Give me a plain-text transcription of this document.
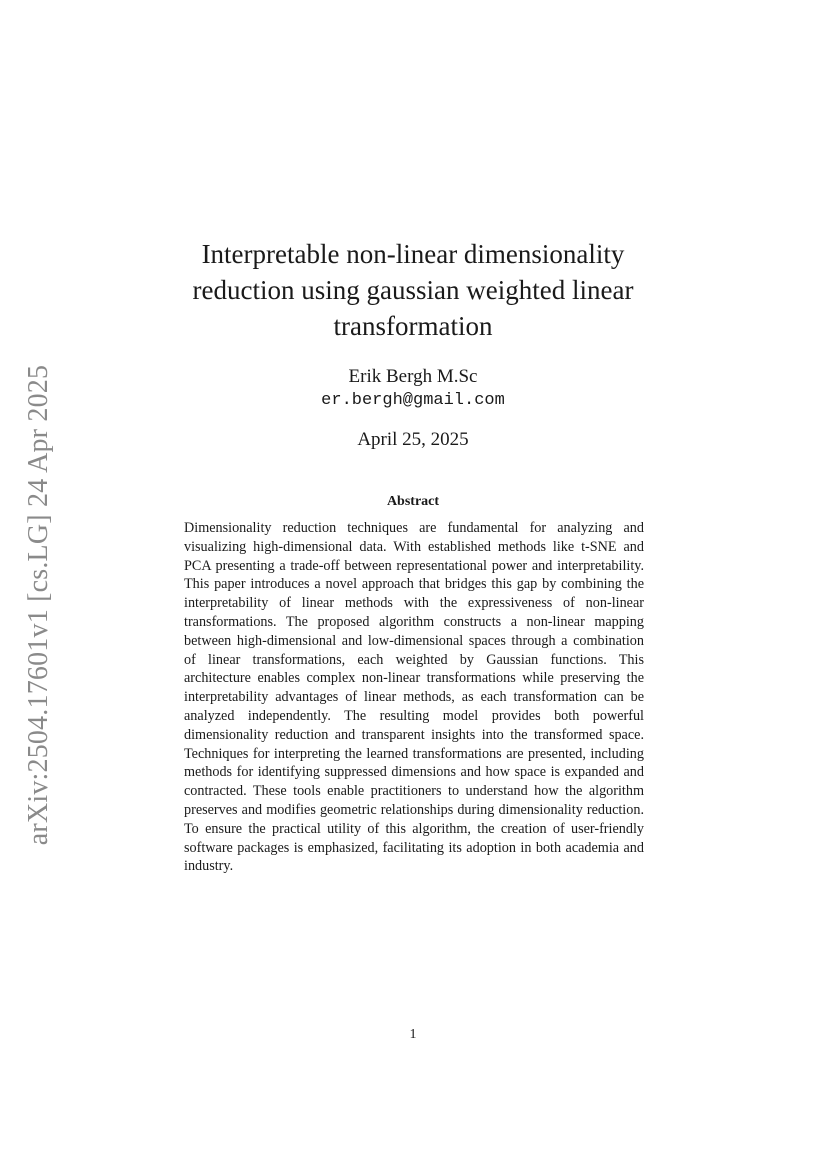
arXiv:2504.17601v1 [cs.LG] 24 Apr 2025
Interpretable non-linear dimensionality
reduction using gaussian weighted linear
transformation
Erik Bergh M.Sc
er.bergh@gmail.com
April 25, 2025
Abstract

Dimensionality reduction techniques are fundamental for analyzing and visualizing high-dimensional data. With established methods like t-SNE and PCA presenting a trade-off between representational power and interpretability. This paper introduces a novel approach that bridges this gap by combining the interpretability of linear methods with the expressiveness of non-linear transformations. The proposed algorithm constructs a non-linear mapping between high-dimensional and low-dimensional spaces through a combination of linear transformations, each weighted by Gaussian functions. This architecture enables complex non-linear transformations while preserving the interpretability advantages of linear methods, as each transformation can be analyzed independently. The resulting model provides both powerful dimensionality reduction and transparent insights into the transformed space. Techniques for interpreting the learned transformations are presented, including methods for identifying suppressed dimensions and how space is expanded and contracted. These tools enable practitioners to understand how the algorithm preserves and modifies geometric relationships during dimensionality reduction. To ensure the practical utility of this algorithm, the creation of user-friendly software packages is emphasized, facilitating its adoption in both academia and industry.

1
